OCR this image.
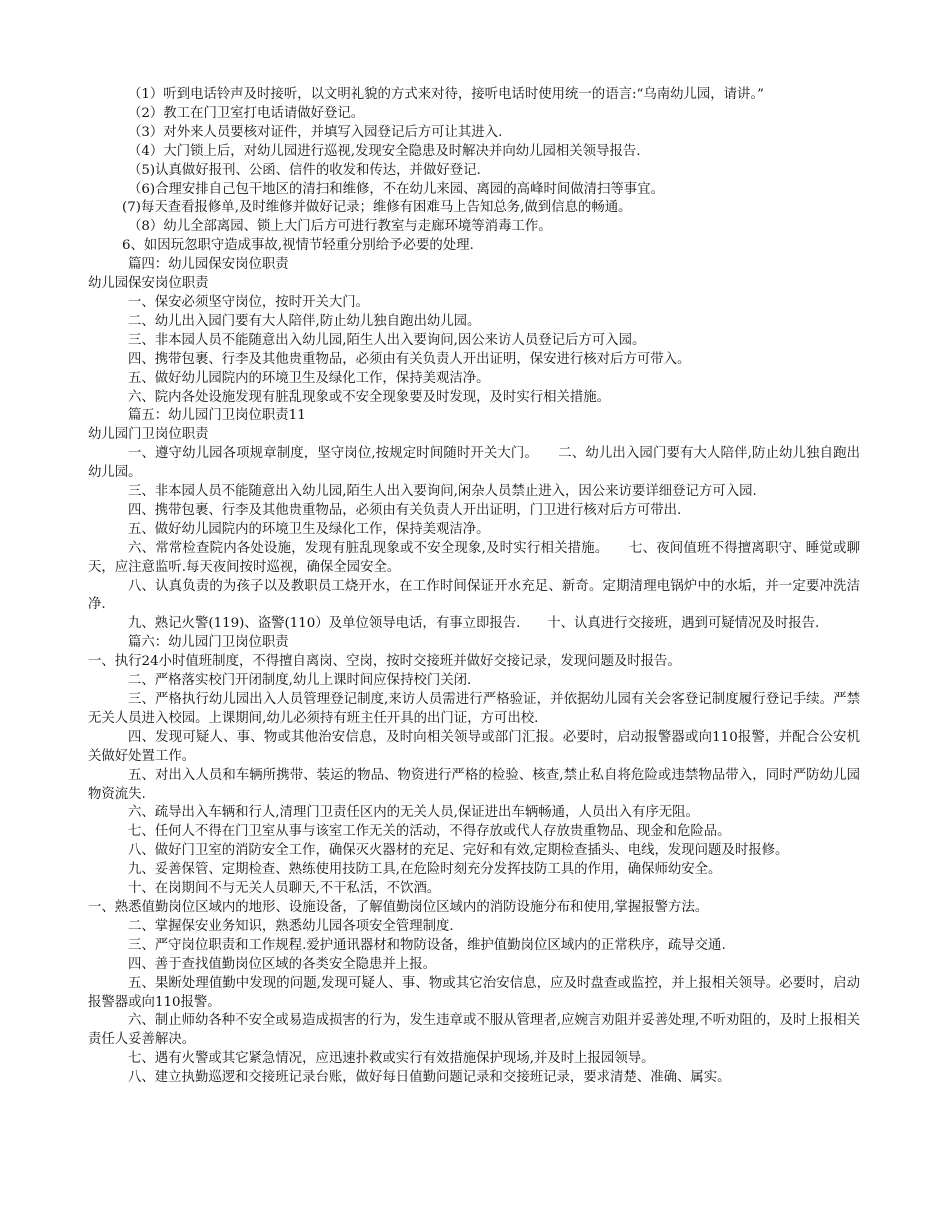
（1）听到电话铃声及时接听，以文明礼貌的方式来对待，接听电话时使用统一的语言:“乌南幼儿园，请讲。”

（2）教工在门卫室打电话请做好登记。

（3）对外来人员要核对证件，并填写入园登记后方可让其进入.

（4）大门锁上后，对幼儿园进行巡视,发现安全隐患及时解决并向幼儿园相关领导报告.

（5)认真做好报刊、公函、信件的收发和传达，并做好登记.

（6)合理安排自己包干地区的清扫和维修，不在幼儿来园、离园的高峰时间做清扫等事宜。

(7)每天查看报修单,及时维修并做好记录；维修有困难马上告知总务,做到信息的畅通。

（8）幼儿全部离园、锁上大门后方可进行教室与走廊环境等消毒工作。

6、如因玩忽职守造成事故,视情节轻重分别给予必要的处理.

篇四：幼儿园保安岗位职责

幼儿园保安岗位职责

一、保安必须坚守岗位，按时开关大门。

二、幼儿出入园门要有大人陪伴,防止幼儿独自跑出幼儿园。

三、非本园人员不能随意出入幼儿园,陌生人出入要询问,因公来访人员登记后方可入园。

四、携带包裹、行李及其他贵重物品，必须由有关负责人开出证明，保安进行核对后方可带入。

五、做好幼儿园院内的环境卫生及绿化工作，保持美观洁净。

六、院内各处设施发现有脏乱现象或不安全现象要及时发现，及时实行相关措施。

篇五：幼儿园门卫岗位职责11

幼儿园门卫岗位职责

一、遵守幼儿园各项规章制度，坚守岗位,按规定时间随时开关大门。　　二、幼儿出入园门要有大人陪伴,防止幼儿独自跑出幼儿园。

三、非本园人员不能随意出入幼儿园,陌生人出入要询问,闲杂人员禁止进入，因公来访要详细登记方可入园.

四、携带包裹、行李及其他贵重物品，必须由有关负责人开出证明，门卫进行核对后方可带出.

五、做好幼儿园院内的环境卫生及绿化工作，保持美观洁净。

六、常常检查院内各处设施，发现有脏乱现象或不安全现象,及时实行相关措施。　　七、夜间值班不得擅离职守、睡觉或聊天，应注意监听.每天夜间按时巡视，确保全园安全。

八、认真负责的为孩子以及教职员工烧开水，在工作时间保证开水充足、新奇。定期清理电锅炉中的水垢，并一定要冲洗洁净.

九、熟记火警(119)、盗警(110）及单位领导电话，有事立即报告.　　十、认真进行交接班，遇到可疑情况及时报告.

篇六：幼儿园门卫岗位职责

一、执行24小时值班制度，不得擅自离岗、空岗，按时交接班并做好交接记录，发现问题及时报告。

二、严格落实校门开闭制度,幼儿上课时间应保持校门关闭.

三、严格执行幼儿园出入人员管理登记制度,来访人员需进行严格验证，并依据幼儿园有关会客登记制度履行登记手续。严禁无关人员进入校园。上课期间,幼儿必须持有班主任开具的出门证，方可出校.

四、发现可疑人、事、物或其他治安信息，及时向相关领导或部门汇报。必要时，启动报警器或向110报警，并配合公安机关做好处置工作。

五、对出入人员和车辆所携带、装运的物品、物资进行严格的检验、核查,禁止私自将危险或违禁物品带入，同时严防幼儿园物资流失.

六、疏导出入车辆和行人,清理门卫责任区内的无关人员,保证进出车辆畅通，人员出入有序无阻。

七、任何人不得在门卫室从事与该室工作无关的活动，不得存放或代人存放贵重物品、现金和危险品。

八、做好门卫室的消防安全工作，确保灭火器材的充足、完好和有效,定期检查插头、电线，发现问题及时报修。

九、妥善保管、定期检查、熟练使用技防工具,在危险时刻充分发挥技防工具的作用，确保师幼安全。

十、在岗期间不与无关人员聊天,不干私活，不饮酒。

一、熟悉值勤岗位区域内的地形、设施设备，了解值勤岗位区域内的消防设施分布和使用,掌握报警方法。

二、掌握保安业务知识，熟悉幼儿园各项安全管理制度.

三、严守岗位职责和工作规程.爱护通讯器材和物防设备，维护值勤岗位区域内的正常秩序，疏导交通.

四、善于查找值勤岗位区域的各类安全隐患并上报。

五、果断处理值勤中发现的问题,发现可疑人、事、物或其它治安信息，应及时盘查或监控，并上报相关领导。必要时，启动报警器或向110报警。

六、制止师幼各种不安全或易造成损害的行为，发生违章或不服从管理者,应婉言劝阻并妥善处理,不听劝阻的，及时上报相关责任人妥善解决。

七、遇有火警或其它紧急情况，应迅速扑救或实行有效措施保护现场,并及时上报园领导。

八、建立执勤巡逻和交接班记录台账，做好每日值勤问题记录和交接班记录，要求清楚、准确、属实。
